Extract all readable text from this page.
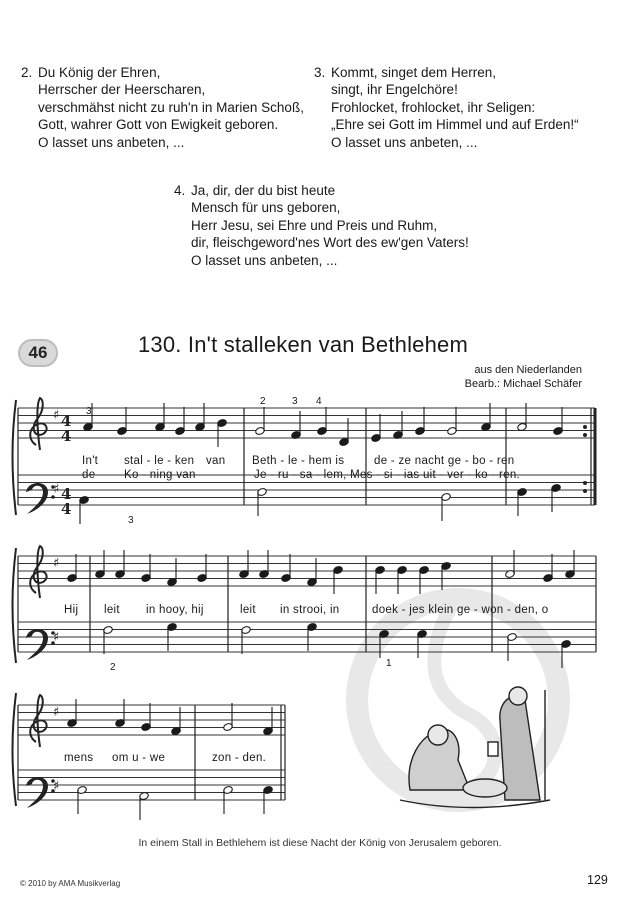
2. Du König der Ehren,
Herrscher der Heerscharen,
verschmähst nicht zu ruh'n in Marien Schoß,
Gott, wahrer Gott von Ewigkeit geboren.
O lasset uns anbeten, ...
3. Kommt, singet dem Herren,
singt, ihr Engelchöre!
Frohlocket, frohlocket, ihr Seligen:
„Ehre sei Gott im Himmel und auf Erden!“
O lasset uns anbeten, ...
4. Ja, dir, der du bist heute
Mensch für uns geboren,
Herr Jesu, sei Ehre und Preis und Ruhm,
dir, fleischgeword'nes Wort des ew'gen Vaters!
O lasset uns anbeten, ...
46	130. In't stalleken van Bethlehem
aus den Niederlanden
Bearb.: Michael Schäfer
♯
♯
♯
♯
♯
♯
4
4
4
4
3
2	3 4
3
2	1
In't stal - le - ken van Beth - le - hem is	de - ze nacht ge - bo - ren
de Ko - ning van	Je - ru - sa - lem, Mes - si - ias uit - ver - ko - ren.
Hij leit in hooy, hij	leit in strooi, in	doek - jes klein ge - won - den, o
mens om u - we	zon - den.
In einem Stall in Bethlehem ist diese Nacht der König von Jerusalem geboren.
© 2010 by AMA Musikverlag	129
